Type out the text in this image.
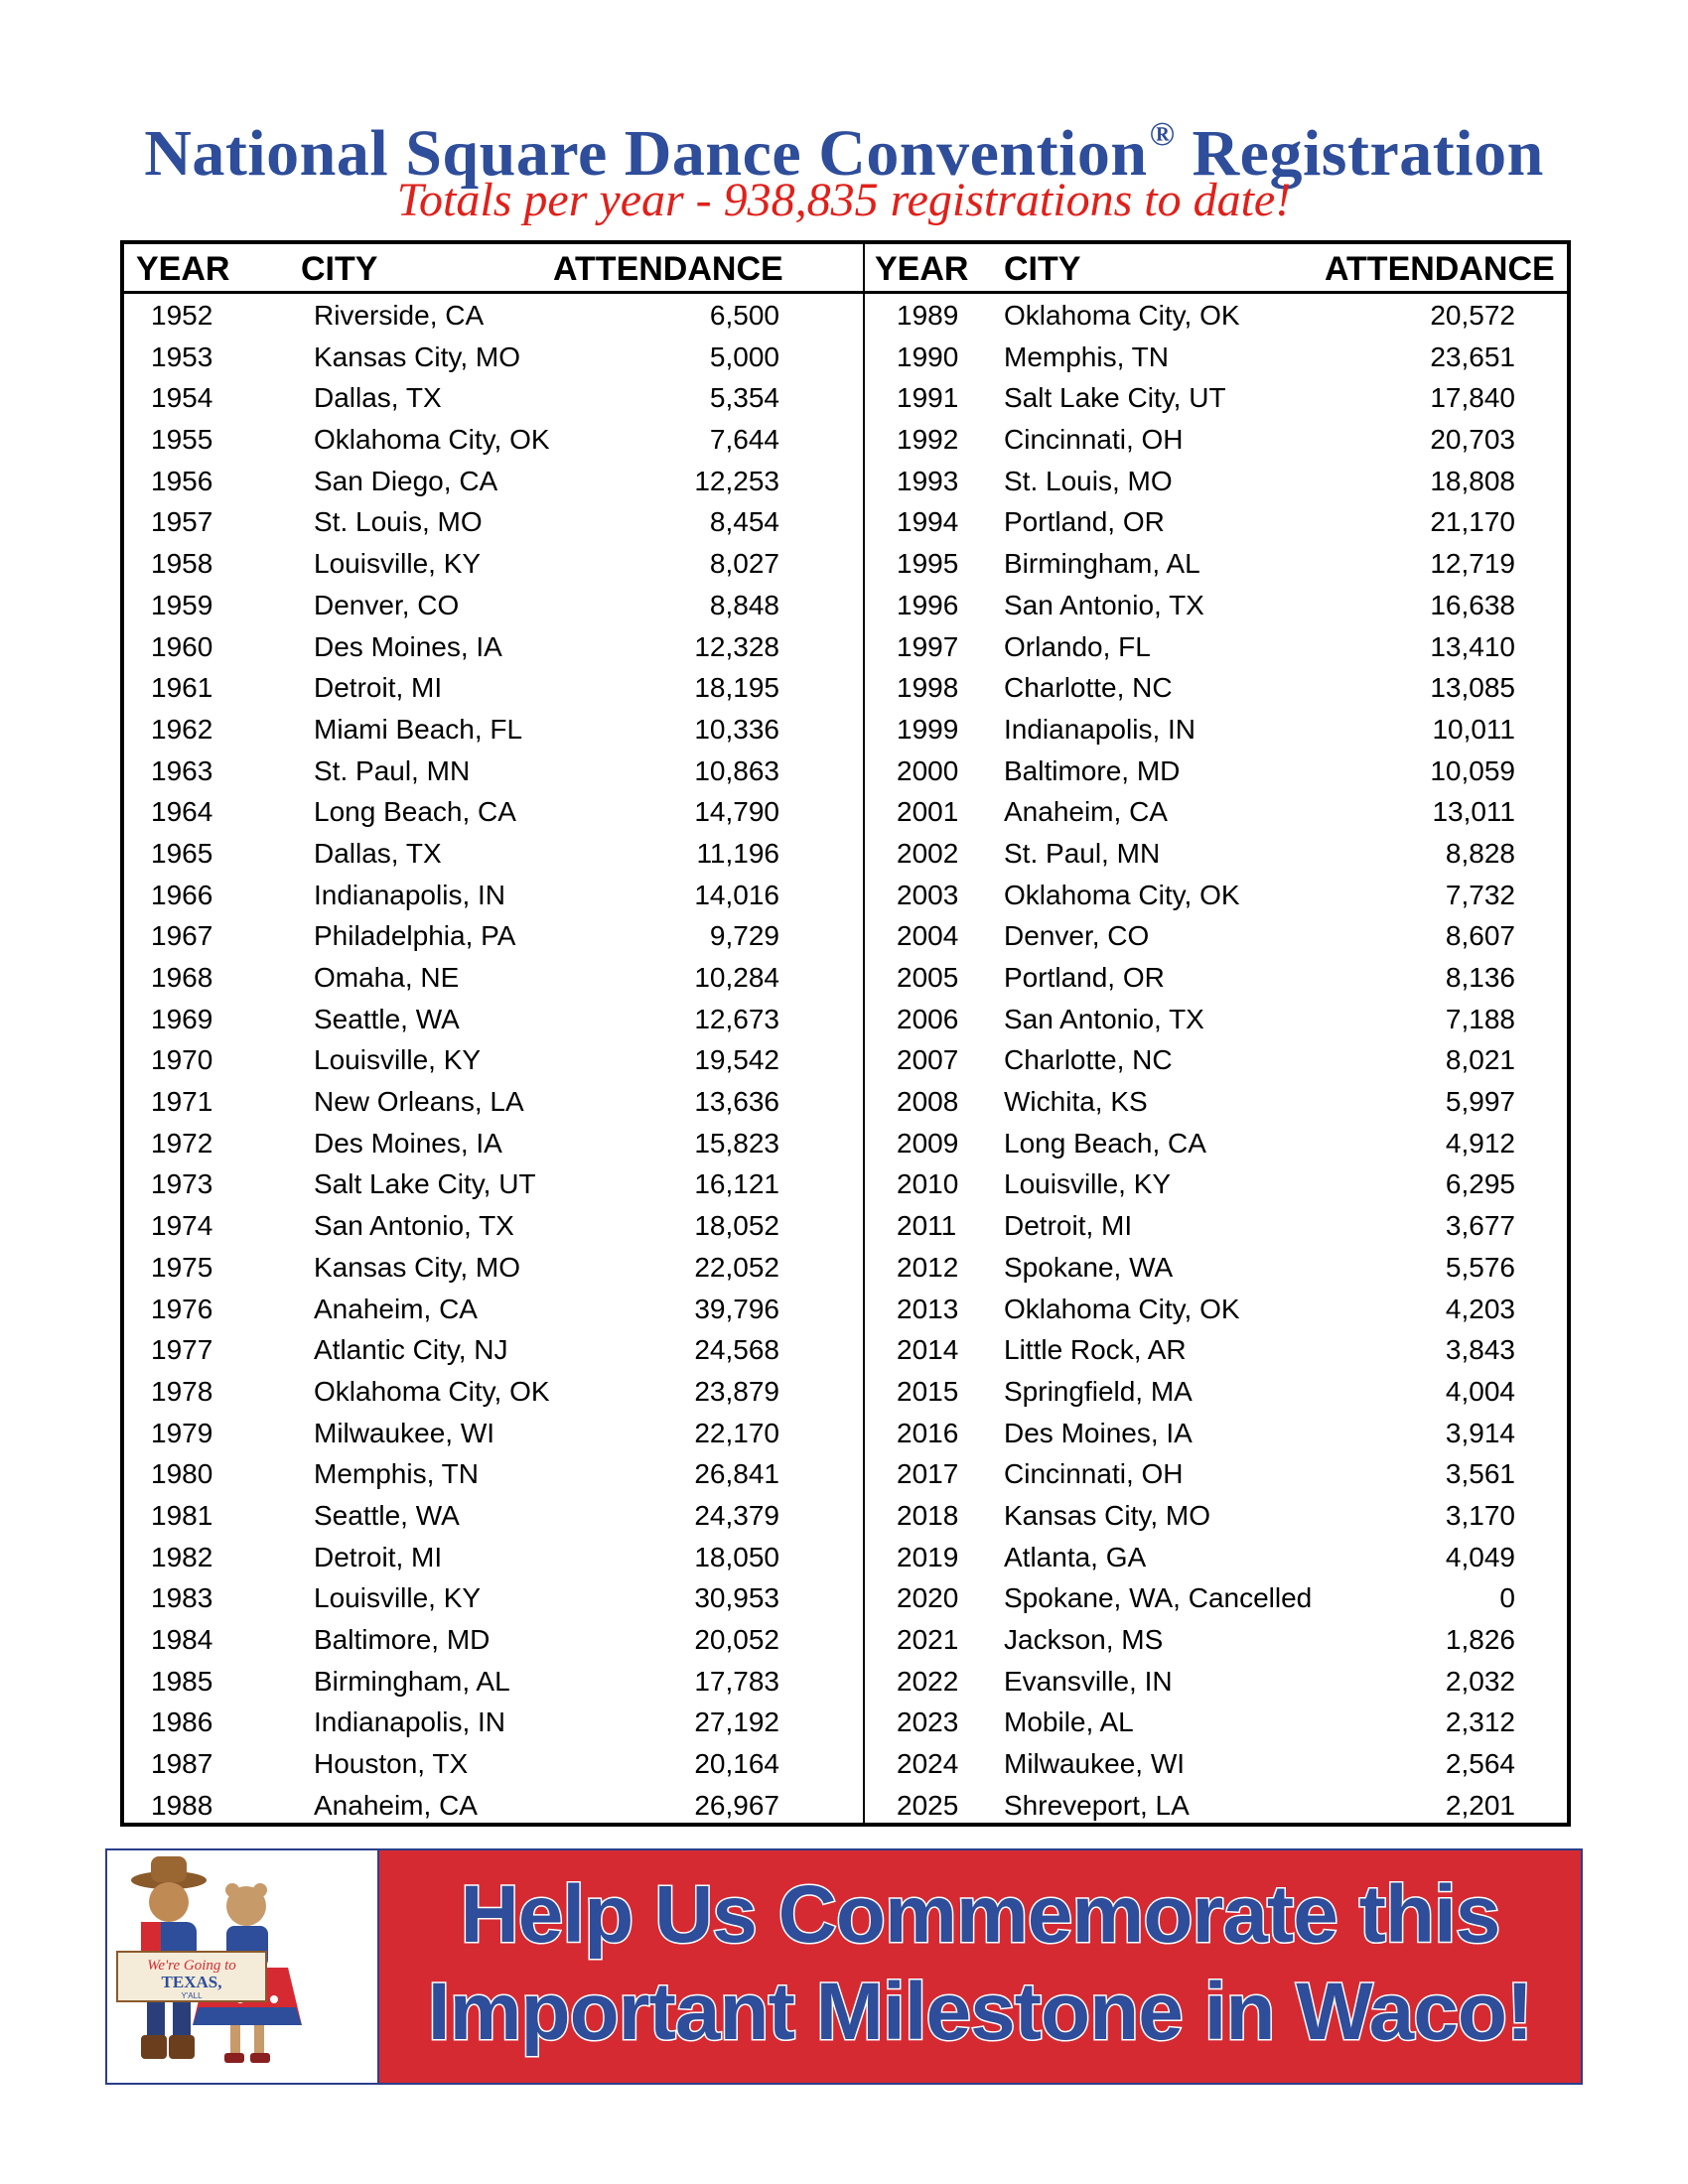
National Square Dance Convention® Registration
Totals per year - 938,835 registrations to date!
YEAR CITY	ATTENDANCE	YEAR CITY	ATTENDANCE
1952	Riverside, CA	6,500
1953	Kansas City, MO	5,000
1954	Dallas, TX	5,354
1955	Oklahoma City, OK	7,644
1956	San Diego, CA	12,253
1957	St. Louis, MO	8,454
1958	Louisville, KY	8,027
1959	Denver, CO	8,848
1960	Des Moines, IA	12,328
1961	Detroit, MI	18,195
1962	Miami Beach, FL	10,336
1963	St. Paul, MN	10,863
1964	Long Beach, CA	14,790
1965	Dallas, TX	11,196
1966	Indianapolis, IN	14,016
1967	Philadelphia, PA	9,729
1968	Omaha, NE	10,284
1969	Seattle, WA	12,673
1970	Louisville, KY	19,542
1971	New Orleans, LA	13,636
1972	Des Moines, IA	15,823
1973	Salt Lake City, UT	16,121
1974	San Antonio, TX	18,052
1975	Kansas City, MO	22,052
1976	Anaheim, CA	39,796
1977	Atlantic City, NJ	24,568
1978	Oklahoma City, OK	23,879
1979	Milwaukee, WI	22,170
1980	Memphis, TN	26,841
1981	Seattle, WA	24,379
1982	Detroit, MI	18,050
1983	Louisville, KY	30,953
1984	Baltimore, MD	20,052
1985	Birmingham, AL	17,783
1986	Indianapolis, IN	27,192
1987	Houston, TX	20,164
1988	Anaheim, CA	26,967
1989 Oklahoma City, OK	20,572
1990 Memphis, TN	23,651
1991 Salt Lake City, UT	17,840
1992 Cincinnati, OH	20,703
1993 St. Louis, MO	18,808
1994 Portland, OR	21,170
1995 Birmingham, AL	12,719
1996 San Antonio, TX	16,638
1997 Orlando, FL	13,410
1998 Charlotte, NC	13,085
1999 Indianapolis, IN	10,011
2000 Baltimore, MD	10,059
2001 Anaheim, CA	13,011
2002 St. Paul, MN	8,828
2003 Oklahoma City, OK	7,732
2004 Denver, CO	8,607
2005 Portland, OR	8,136
2006 San Antonio, TX	7,188
2007 Charlotte, NC	8,021
2008 Wichita, KS	5,997
2009 Long Beach, CA	4,912
2010 Louisville, KY	6,295
2011 Detroit, MI	3,677
2012 Spokane, WA	5,576
2013 Oklahoma City, OK	4,203
2014 Little Rock, AR	3,843
2015 Springfield, MA	4,004
2016 Des Moines, IA	3,914
2017 Cincinnati, OH	3,561
2018 Kansas City, MO	3,170
2019 Atlanta, GA	4,049
2020 Spokane, WA, Cancelled	0
2021 Jackson, MS	1,826
2022 Evansville, IN	2,032
2023 Mobile, AL	2,312
2024 Milwaukee, WI	2,564
2025 Shreveport, LA	2,201
We're Going to
TEXAS,
Y'ALL
Help Us Commemorate this
Important Milestone in Waco!
